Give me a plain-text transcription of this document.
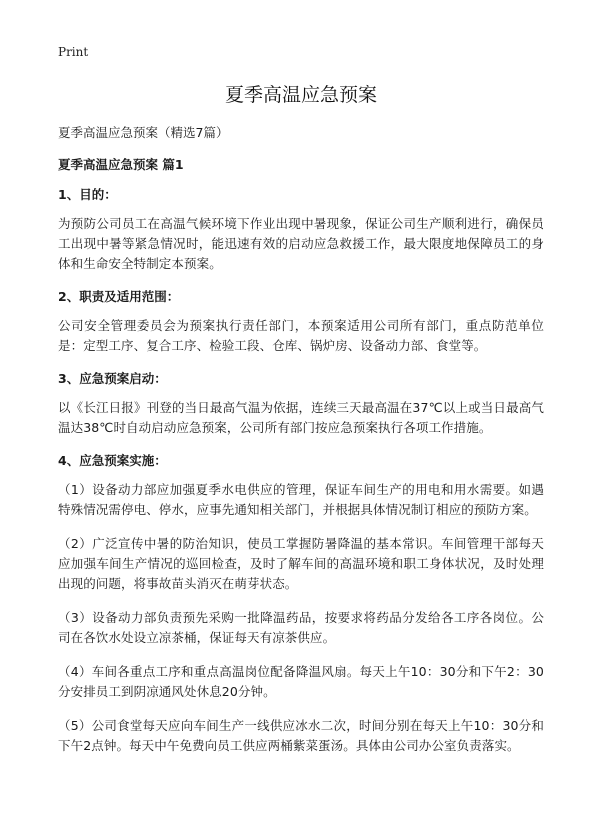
Print
夏季高温应急预案
夏季高温应急预案（精选7篇）
夏季高温应急预案 篇1
1、目的：

为预防公司员工在高温气候环境下作业出现中暑现象，保证公司生产顺利进行，确保员工出现中暑等紧急情况时，能迅速有效的启动应急救援工作，最大限度地保障员工的身体和生命安全特制定本预案。

2、职责及适用范围：

公司安全管理委员会为预案执行责任部门，本预案适用公司所有部门，重点防范单位是：定型工序、复合工序、检验工段、仓库、锅炉房、设备动力部、食堂等。

3、应急预案启动：

以《长江日报》刊登的当日最高气温为依据，连续三天最高温在37℃以上或当日最高气温达38℃时自动启动应急预案，公司所有部门按应急预案执行各项工作措施。

4、应急预案实施：

（1）设备动力部应加强夏季水电供应的管理，保证车间生产的用电和用水需要。如遇特殊情况需停电、停水，应事先通知相关部门，并根据具体情况制订相应的预防方案。

（2）广泛宣传中暑的防治知识，使员工掌握防暑降温的基本常识。车间管理干部每天应加强车间生产情况的巡回检查，及时了解车间的高温环境和职工身体状况，及时处理出现的问题，将事故苗头消灭在萌芽状态。

（3）设备动力部负责预先采购一批降温药品，按要求将药品分发给各工序各岗位。公司在各饮水处设立凉茶桶，保证每天有凉茶供应。

（4）车间各重点工序和重点高温岗位配备降温风扇。每天上午10：30分和下午2：30分安排员工到阴凉通风处休息20分钟。

（5）公司食堂每天应向车间生产一线供应冰水二次，时间分别在每天上午10：30分和下午2点钟。每天中午免费向员工供应两桶紫菜蛋汤。具体由公司办公室负责落实。
